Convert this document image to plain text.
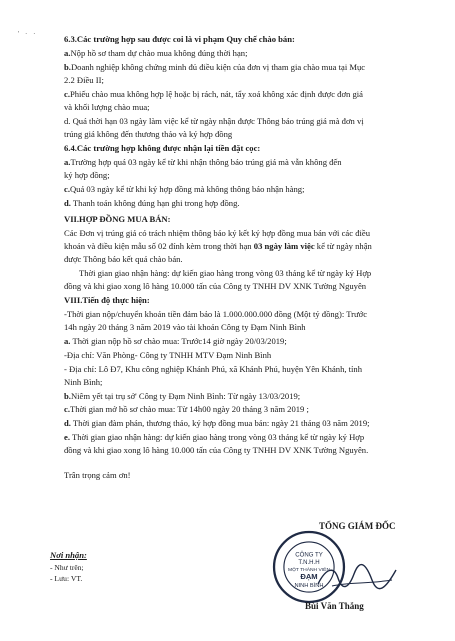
' · ·	6.3.Các trường hợp sau được coi là vi phạm Quy chế chào bán:
a.Nộp hồ sơ tham dự chào mua không đúng thời hạn;
b.Doanh nghiệp không chứng minh đủ điều kiện của đơn vị tham gia chào mua tại Mục
2.2 Điều II;
c.Phiếu chào mua không hợp lệ hoặc bị rách, nát, tẩy xoá không xác định được đơn giá
và khối lượng chào mua;
d. Quá thời hạn 03 ngày làm việc kể từ ngày nhận được Thông báo trúng giá mà đơn vị
trúng giá không đến thương thảo và ký hợp đồng
6.4.Các trường hợp không được nhận lại tiền đặt cọc:
a.Trường hợp quá 03 ngày kể từ khi nhận thông báo trúng giá mà vẫn không đến
ký hợp đồng;
c.Quá 03 ngày kể từ khi ký hợp đồng mà không thông báo nhận hàng;
d. Thanh toán không đúng hạn ghi trong hợp đồng.
VII.HỢP ĐỒNG MUA BÁN:
Các Đơn vị trúng giá có trách nhiệm thông báo ký kết ký hợp đồng mua bán với các điều
khoản và điều kiện mẫu số 02 đính kèm trong thời hạn 03 ngày làm việc kể từ ngày nhận
được Thông báo kết quả chào bán.
Thời gian giao nhận hàng: dự kiến giao hàng trong vòng 03 tháng kể từ ngày ký Hợp
đồng và khi giao xong lô hàng 10.000 tấn của Công ty TNHH DV XNK Tường Nguyên
VIII.Tiến độ thực hiện:
-Thời gian nộp/chuyển khoản tiền đảm bảo là 1.000.000.000 đồng (Một tỷ đồng): Trước
14h ngày 20 tháng 3 năm 2019 vào tài khoản Công ty Đạm Ninh Bình
a. Thời gian nộp hồ sơ chào mua: Trước14 giờ ngày 20/03/2019;
-Địa chỉ: Văn Phòng- Công ty TNHH MTV Đạm Ninh Bình
- Địa chỉ: Lô Đ7, Khu công nghiệp Khánh Phú, xã Khánh Phú, huyện Yên Khánh, tỉnh
Ninh Bình;
b.Niêm yết tại trụ sở' Công ty Đạm Ninh Bình: Từ ngày 13/03/2019;
c.Thời gian mở hồ sơ chào mua: Từ 14h00 ngày 20 tháng 3 năm 2019 ;
d. Thời gian đàm phán, thương thảo, ký hợp đồng mua bán: ngày 21 tháng 03 năm 2019;
e. Thời gian giao nhận hàng: dự kiến giao hàng trong vòng 03 tháng kể từ ngày ký Hợp
đồng và khi giao xong lô hàng 10.000 tấn của Công ty TNHH DV XNK Tường Nguyên.
Trân trọng cảm ơn!
Nơi nhận:
- Như trên;
- Lưu: VT.
TỔNG GIÁM ĐỐC
CÔNG TY
T.N.H.H
MỘT THÀNH VIÊN
ĐẠM
NINH BÌNH
Bùi Văn Thắng
